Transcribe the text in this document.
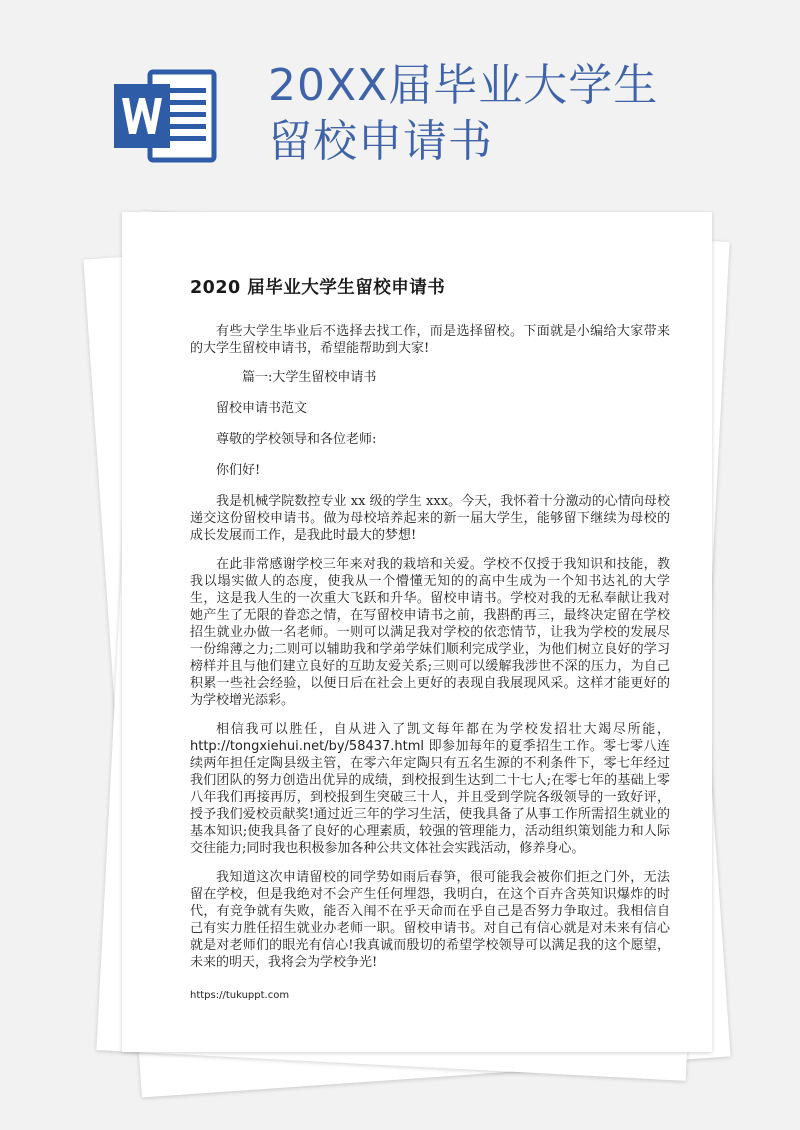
20XX届毕业大学生
留校申请书
2020 届毕业大学生留校申请书

有些大学生毕业后不选择去找工作，而是选择留校。下面就是小编给大家带来的大学生留校申请书，希望能帮助到大家!

篇一:大学生留校申请书

留校申请书范文

尊敬的学校领导和各位老师:

你们好!

我是机械学院数控专业 xx 级的学生 xxx。今天，我怀着十分激动的心情向母校递交这份留校申请书。做为母校培养起来的新一届大学生，能够留下继续为母校的成长发展而工作，是我此时最大的梦想!

在此非常感谢学校三年来对我的栽培和关爱。学校不仅授于我知识和技能，教我以塌实做人的态度，使我从一个懵懂无知的的高中生成为一个知书达礼的大学生，这是我人生的一次重大飞跃和升华。留校申请书。学校对我的无私奉献让我对她产生了无限的眷恋之情，在写留校申请书之前，我斟酌再三，最终决定留在学校招生就业办做一名老师。一则可以满足我对学校的依恋情节，让我为学校的发展尽一份绵薄之力;二则可以辅助我和学弟学妹们顺利完成学业，为他们树立良好的学习榜样并且与他们建立良好的互助友爱关系;三则可以缓解我涉世不深的压力，为自己积累一些社会经验，以便日后在社会上更好的表现自我展现风采。这样才能更好的为学校增光添彩。

相信我可以胜任，自从进入了凯文每年都在为学校发招壮大竭尽所能，http://tongxiehui.net/by/58437.html 即参加每年的夏季招生工作。零七零八连续两年担任定陶县级主管，在零六年定陶只有五名生源的不利条件下，零七年经过我们团队的努力创造出优异的成绩，到校报到生达到二十七人;在零七年的基础上零八年我们再接再厉，到校报到生突破三十人，并且受到学院各级领导的一致好评，授予我们爱校贡献奖!通过近三年的学习生活，使我具备了从事工作所需招生就业的基本知识;使我具备了良好的心理素质，较强的管理能力，活动组织策划能力和人际交往能力;同时我也积极参加各种公共文体社会实践活动，修养身心。

我知道这次申请留校的同学势如雨后春笋，很可能我会被你们拒之门外，无法留在学校，但是我绝对不会产生任何埋怨，我明白，在这个百卉含英知识爆炸的时代，有竞争就有失败，能否入闱不在乎天命而在乎自己是否努力争取过。我相信自己有实力胜任招生就业办老师一职。留校申请书。对自己有信心就是对未来有信心就是对老师们的眼光有信心!我真诚而殷切的希望学校领导可以满足我的这个愿望，未来的明天，我将会为学校争光!

https://tukuppt.com
